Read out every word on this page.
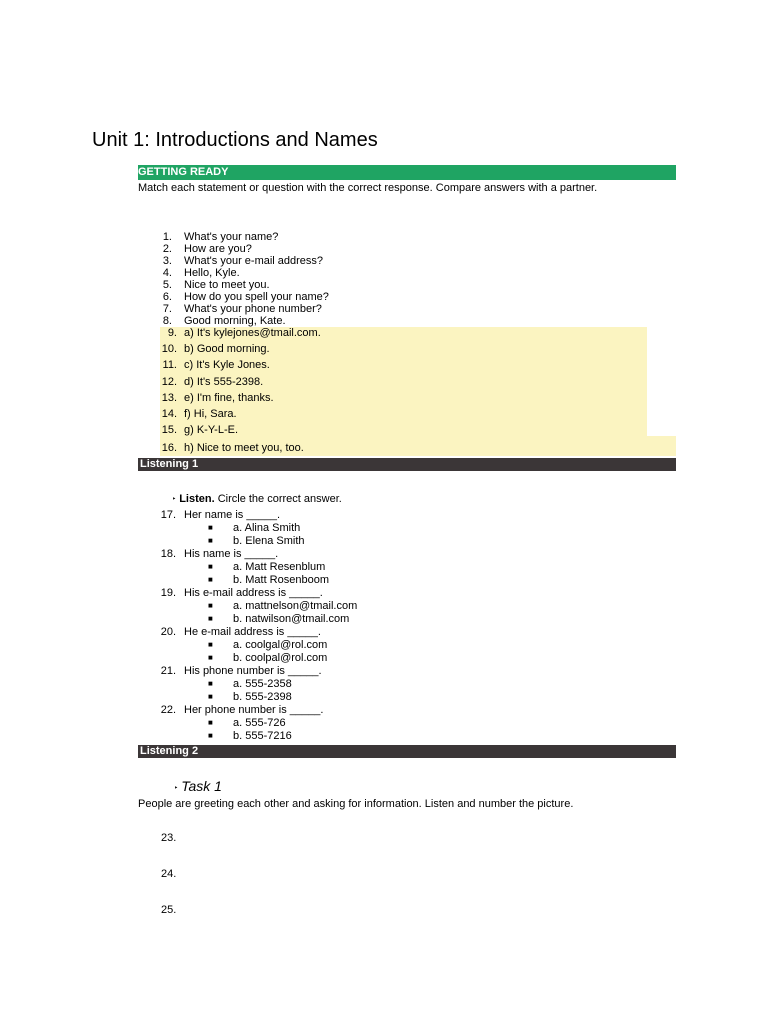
Unit 1: Introductions and Names
• GETTING READY
Match each statement or question with the correct response. Compare answers with a partner.
1. What's your name?
2. How are you?
3. What's your e-mail address?
4. Hello, Kyle.
5. Nice to meet you.
6. How do you spell your name?
7. What's your phone number?
8. Good morning, Kate.
9. a) It's kylejones@tmail.com.
10. b) Good morning.
11. c) It's Kyle Jones.
12. d) It's 555-2398.
13. e) I'm fine, thanks.
14. f) Hi, Sara.
15. g) K-Y-L-E.
16. h) Nice to meet you, too.
Listening 1
‣ Listen. Circle the correct answer.
17. Her name is _____.
■ a. Alina Smith
■ b. Elena Smith
18. His name is _____.
■ a. Matt Resenblum
■ b. Matt Rosenboom
19. His e-mail address is _____.
■ a. mattnelson@tmail.com
■ b. natwilson@tmail.com
20. He e-mail address is _____.
■ a. coolgal@rol.com
■ b. coolpal@rol.com
21. His phone number is _____.
■ a. 555-2358
■ b. 555-2398
22. Her phone number is _____.
■ a. 555-726
■ b. 555-7216
Listening 2
‣ Task 1
People are greeting each other and asking for information. Listen and number the picture.
23.
24.
25.
